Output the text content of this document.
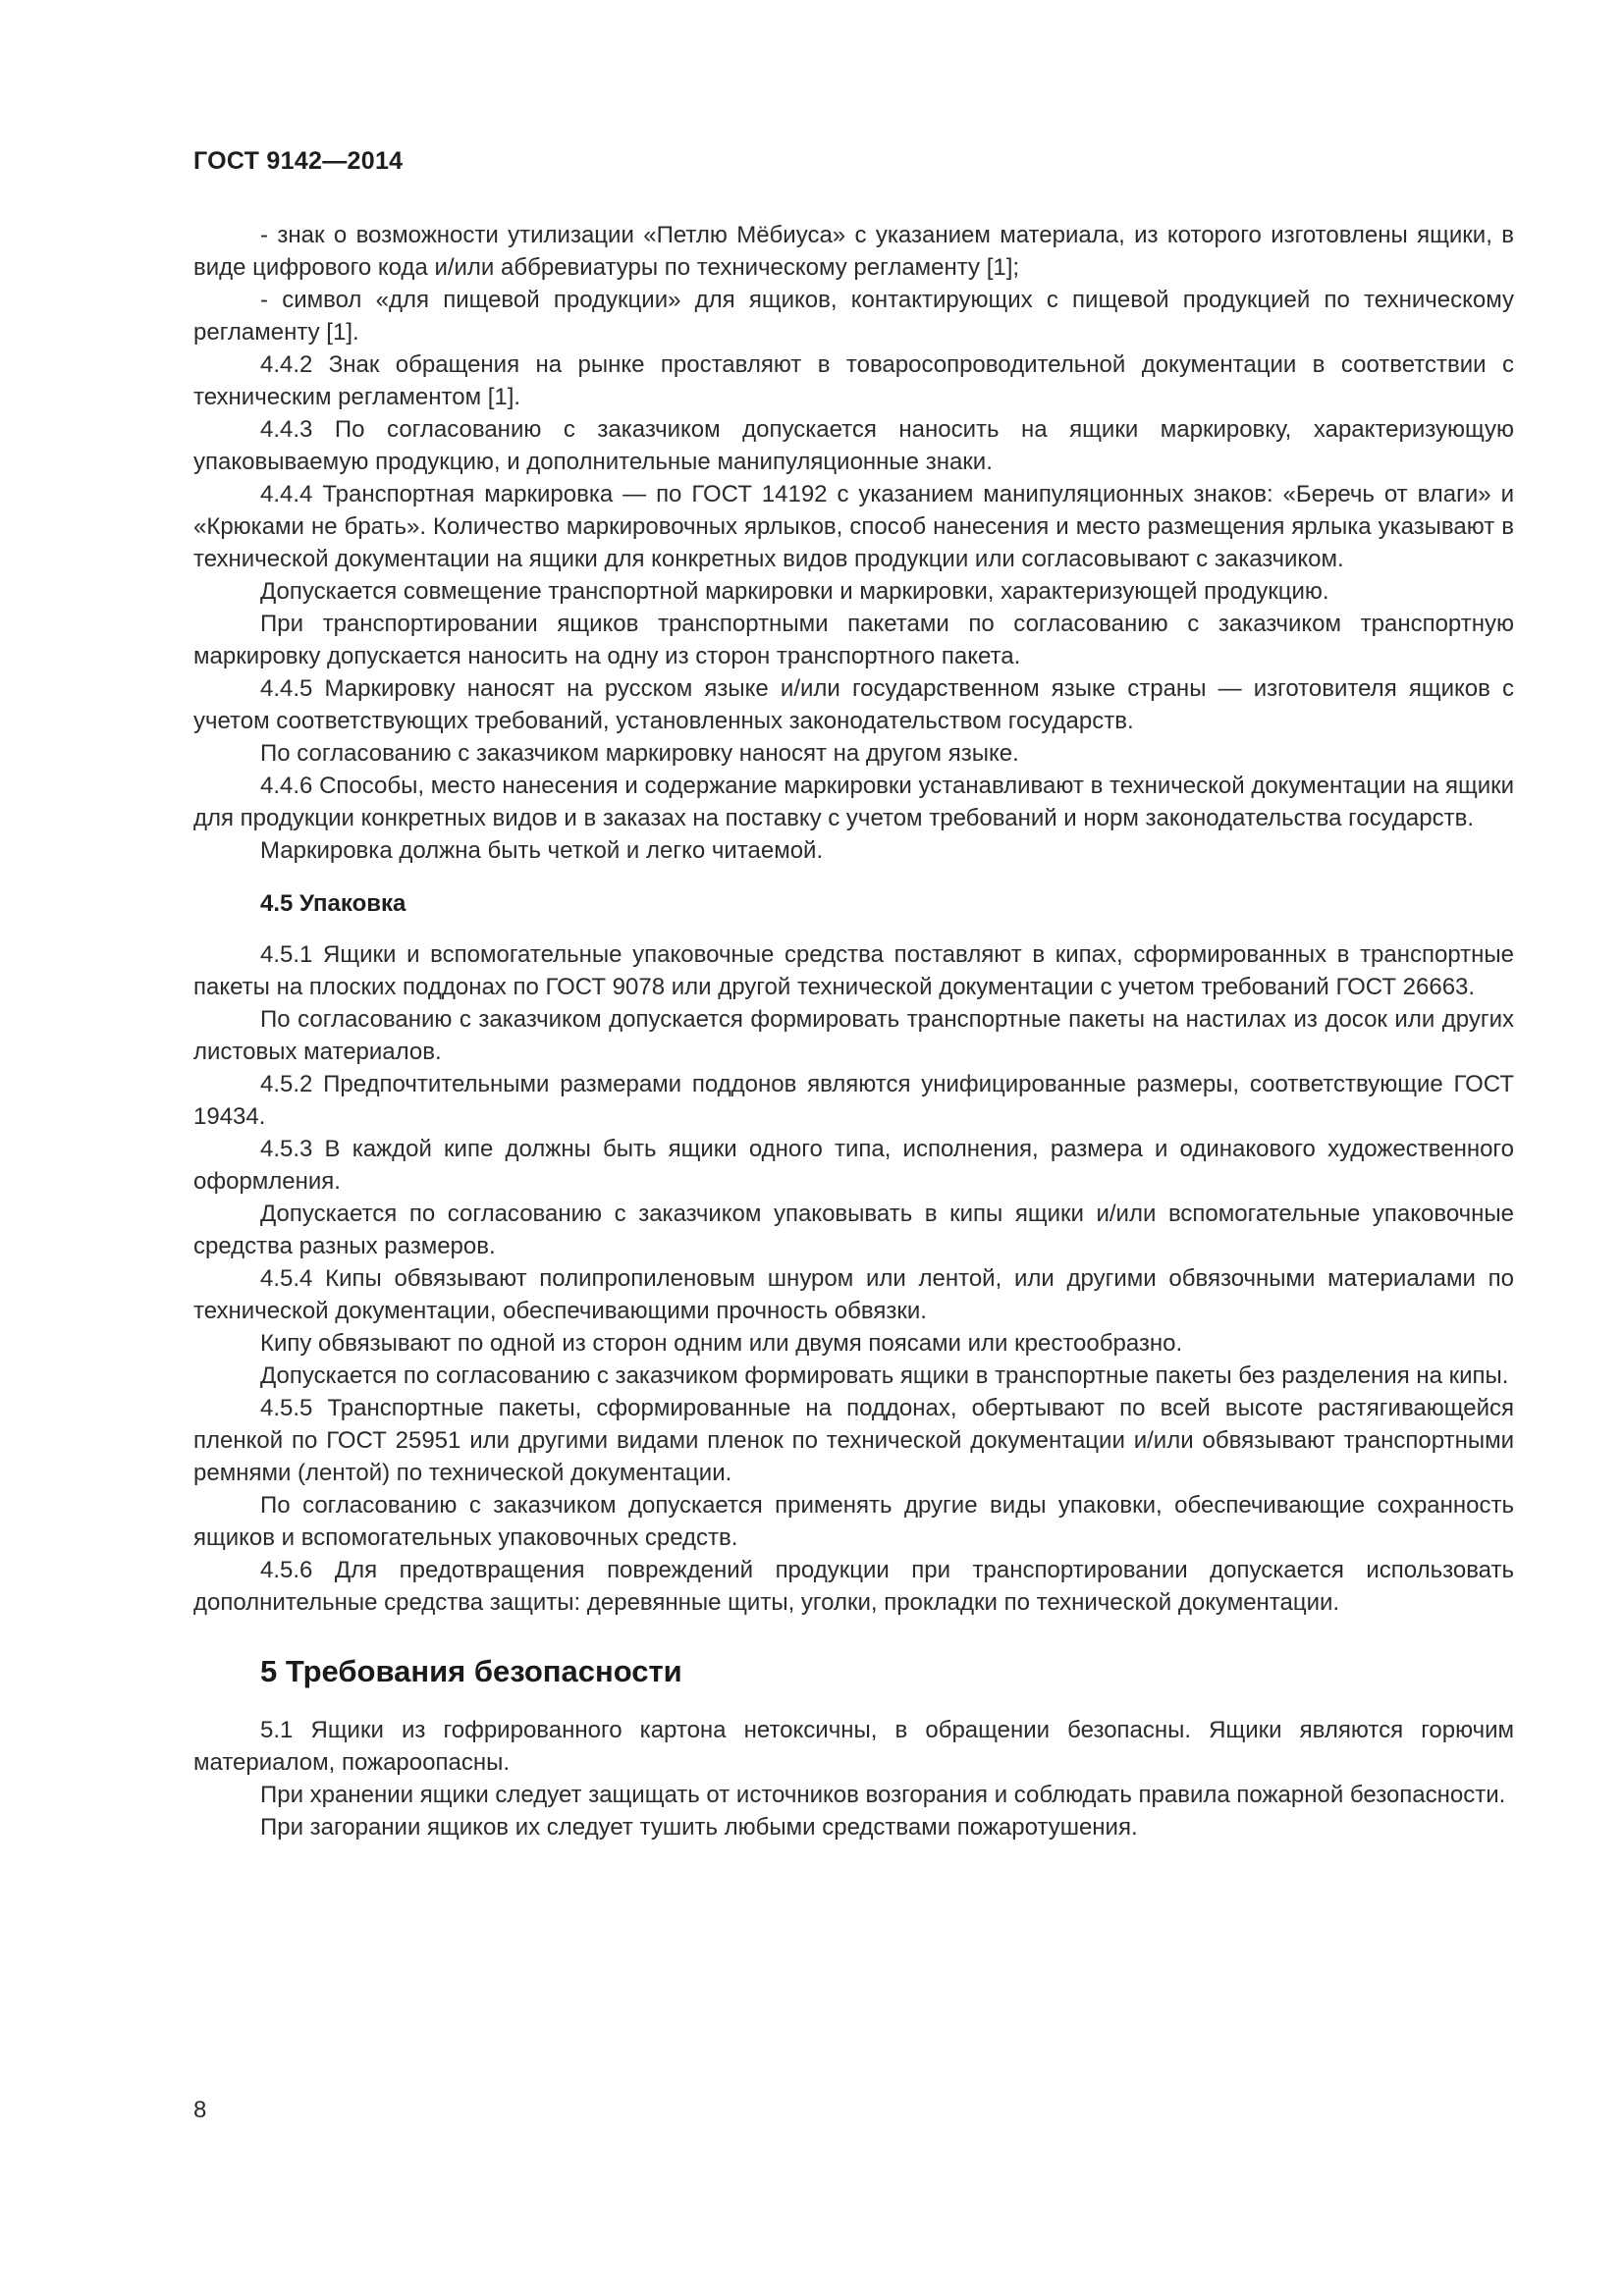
ГОСТ 9142—2014

- знак о возможности утилизации «Петлю Мёбиуса» с указанием материала, из которого изготовлены ящики, в виде цифрового кода и/или аббревиатуры по техническому регламенту [1];

- символ «для пищевой продукции» для ящиков, контактирующих с пищевой продукцией по техническому регламенту [1].

4.4.2 Знак обращения на рынке проставляют в товаросопроводительной документации в соответствии с техническим регламентом [1].

4.4.3 По согласованию с заказчиком допускается наносить на ящики маркировку, характеризующую упаковываемую продукцию, и дополнительные манипуляционные знаки.

4.4.4 Транспортная маркировка — по ГОСТ 14192 с указанием манипуляционных знаков: «Беречь от влаги» и «Крюками не брать». Количество маркировочных ярлыков, способ нанесения и место размещения ярлыка указывают в технической документации на ящики для конкретных видов продукции или согласовывают с заказчиком.

Допускается совмещение транспортной маркировки и маркировки, характеризующей продукцию.

При транспортировании ящиков транспортными пакетами по согласованию с заказчиком транспортную маркировку допускается наносить на одну из сторон транспортного пакета.

4.4.5 Маркировку наносят на русском языке и/или государственном языке страны — изготовителя ящиков с учетом соответствующих требований, установленных законодательством государств.

По согласованию с заказчиком маркировку наносят на другом языке.

4.4.6 Способы, место нанесения и содержание маркировки устанавливают в технической документации на ящики для продукции конкретных видов и в заказах на поставку с учетом требований и норм законодательства государств.

Маркировка должна быть четкой и легко читаемой.

4.5 Упаковка

4.5.1 Ящики и вспомогательные упаковочные средства поставляют в кипах, сформированных в транспортные пакеты на плоских поддонах по ГОСТ 9078 или другой технической документации с учетом требований ГОСТ 26663.

По согласованию с заказчиком допускается формировать транспортные пакеты на настилах из досок или других листовых материалов.

4.5.2 Предпочтительными размерами поддонов являются унифицированные размеры, соответствующие ГОСТ 19434.

4.5.3 В каждой кипе должны быть ящики одного типа, исполнения, размера и одинакового художественного оформления.

Допускается по согласованию с заказчиком упаковывать в кипы ящики и/или вспомогательные упаковочные средства разных размеров.

4.5.4 Кипы обвязывают полипропиленовым шнуром или лентой, или другими обвязочными материалами по технической документации, обеспечивающими прочность обвязки.

Кипу обвязывают по одной из сторон одним или двумя поясами или крестообразно.

Допускается по согласованию с заказчиком формировать ящики в транспортные пакеты без разделения на кипы.

4.5.5 Транспортные пакеты, сформированные на поддонах, обертывают по всей высоте растягивающейся пленкой по ГОСТ 25951 или другими видами пленок по технической документации и/или обвязывают транспортными ремнями (лентой) по технической документации.

По согласованию с заказчиком допускается применять другие виды упаковки, обеспечивающие сохранность ящиков и вспомогательных упаковочных средств.

4.5.6 Для предотвращения повреждений продукции при транспортировании допускается использовать дополнительные средства защиты: деревянные щиты, уголки, прокладки по технической документации.

5 Требования безопасности

5.1 Ящики из гофрированного картона нетоксичны, в обращении безопасны. Ящики являются горючим материалом, пожароопасны.

При хранении ящики следует защищать от источников возгорания и соблюдать правила пожарной безопасности.

При загорании ящиков их следует тушить любыми средствами пожаротушения.

8
